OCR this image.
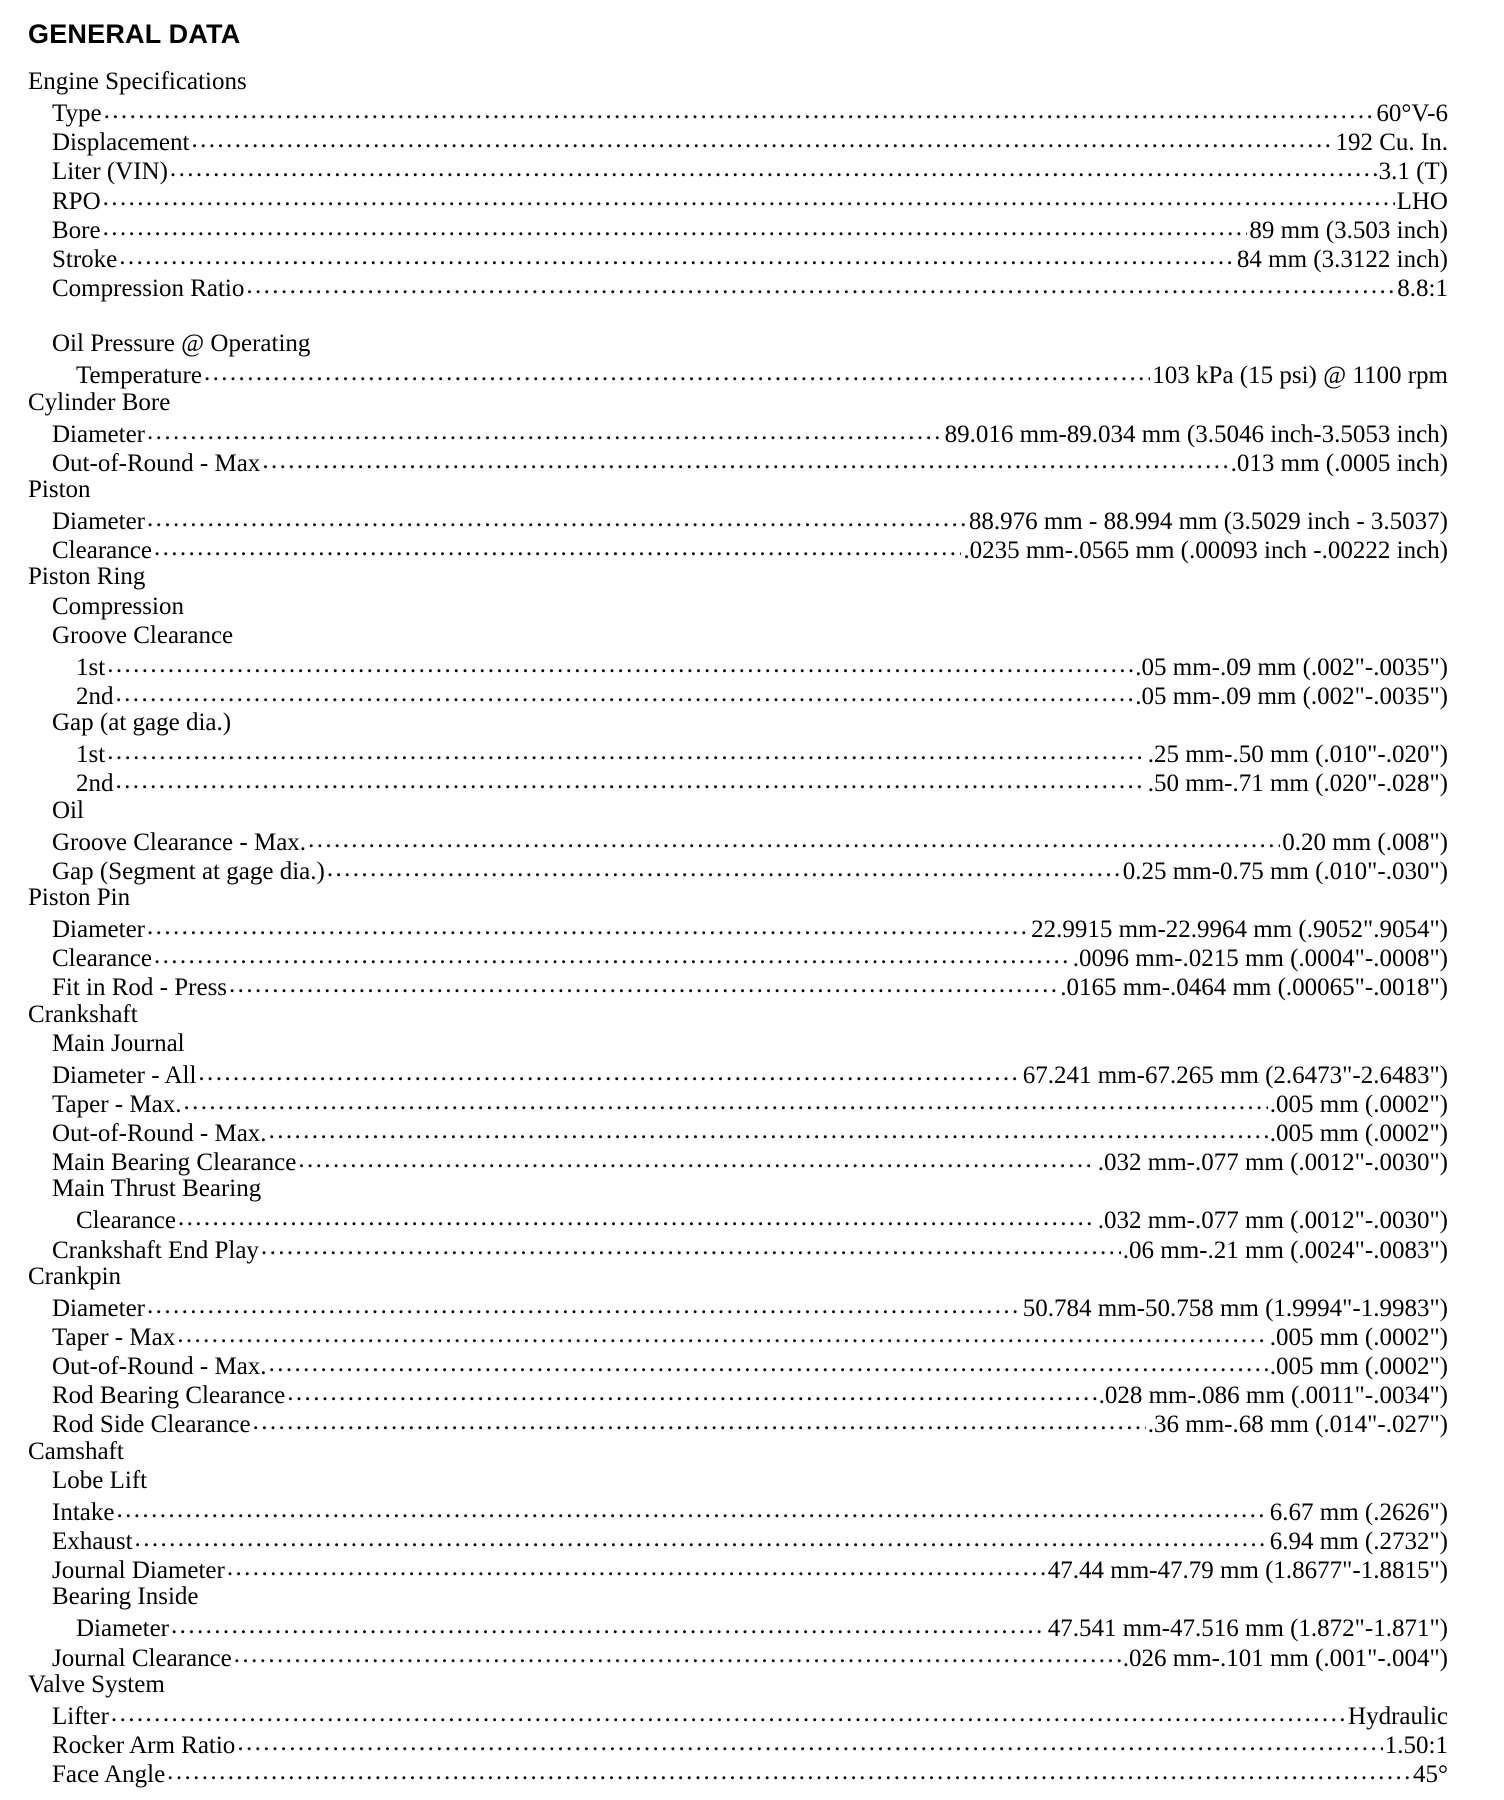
GENERAL DATA
Engine Specifications
Type .....	60°V-6
Displacement .....	192 Cu. In.
Liter (VIN) .....	3.1 (T)
RPO .....	LHO
Bore .....	89 mm (3.503 inch)
Stroke .....	84 mm (3.3122 inch)
Compression Ratio .....	8.8:1
Oil Pressure @ Operating
Temperature .....	103 kPa (15 psi) @ 1100 rpm
Cylinder Bore
Diameter .....	89.016 mm-89.034 mm (3.5046 inch-3.5053 inch)
Out-of-Round - Max .....	.013 mm (.0005 inch)
Piston
Diameter .....	88.976 mm - 88.994 mm (3.5029 inch - 3.5037)
Clearance .....	.0235 mm-.0565 mm (.00093 inch -.00222 inch)
Piston Ring
Compression
Groove Clearance
1st .....	.05 mm-.09 mm (.002"-.0035")
2nd .....	.05 mm-.09 mm (.002"-.0035")
Gap (at gage dia.)
1st .....	.25 mm-.50 mm (.010"-.020")
2nd .....	.50 mm-.71 mm (.020"-.028")
Oil
Groove Clearance - Max. .....	0.20 mm (.008")
Gap (Segment at gage dia.) .....	0.25 mm-0.75 mm (.010"-.030")
Piston Pin
Diameter .....	22.9915 mm-22.9964 mm (.9052".9054")
Clearance .....	.0096 mm-.0215 mm (.0004"-.0008")
Fit in Rod - Press .....	.0165 mm-.0464 mm (.00065"-.0018")
Crankshaft
Main Journal
Diameter - All .....	67.241 mm-67.265 mm (2.6473"-2.6483")
Taper - Max. .....	.005 mm (.0002")
Out-of-Round - Max. .....	.005 mm (.0002")
Main Bearing Clearance .....	.032 mm-.077 mm (.0012"-.0030")
Main Thrust Bearing
Clearance .....	.032 mm-.077 mm (.0012"-.0030")
Crankshaft End Play .....	.06 mm-.21 mm (.0024"-.0083")
Crankpin
Diameter .....	50.784 mm-50.758 mm (1.9994"-1.9983")
Taper - Max .....	.005 mm (.0002")
Out-of-Round - Max. .....	.005 mm (.0002")
Rod Bearing Clearance .....	.028 mm-.086 mm (.0011"-.0034")
Rod Side Clearance .....	.36 mm-.68 mm (.014"-.027")
Camshaft
Lobe Lift
Intake .....	6.67 mm (.2626")
Exhaust .....	6.94 mm (.2732")
Journal Diameter .....	47.44 mm-47.79 mm (1.8677"-1.8815")
Bearing Inside
Diameter .....	47.541 mm-47.516 mm (1.872"-1.871")
Journal Clearance .....	.026 mm-.101 mm (.001"-.004")
Valve System
Lifter .....	Hydraulic
Rocker Arm Ratio .....	1.50:1
Face Angle .....	45°
